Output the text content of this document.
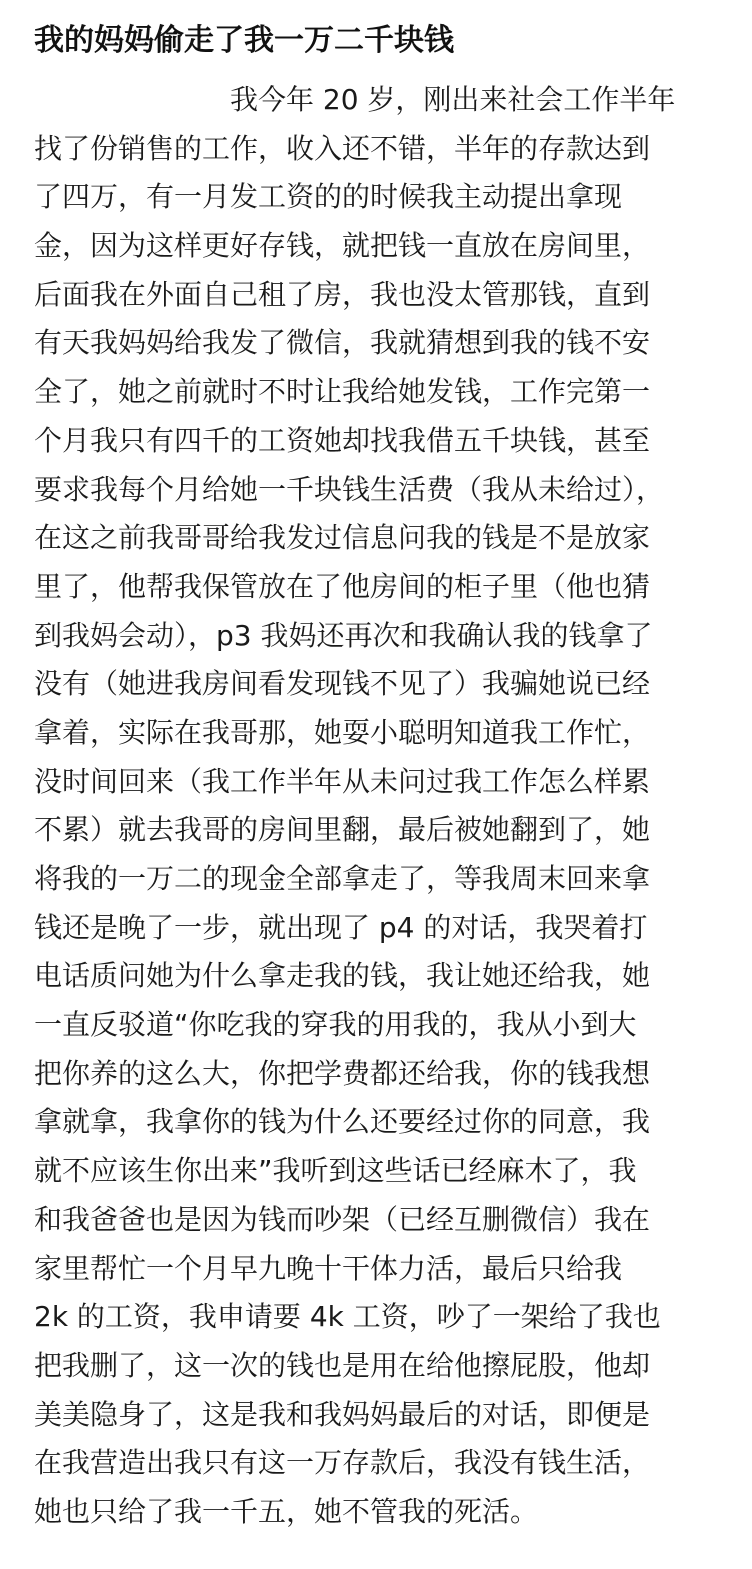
我的妈妈偷走了我一万二千块钱
我今年 20 岁，刚出来社会工作半年
找了份销售的工作，收入还不错，半年的存款达到
了四万，有一月发工资的的时候我主动提出拿现
金，因为这样更好存钱，就把钱一直放在房间里，
后面我在外面自己租了房，我也没太管那钱，直到
有天我妈妈给我发了微信，我就猜想到我的钱不安
全了，她之前就时不时让我给她发钱，工作完第一
个月我只有四千的工资她却找我借五千块钱，甚至
要求我每个月给她一千块钱生活费（我从未给过），
在这之前我哥哥给我发过信息问我的钱是不是放家
里了，他帮我保管放在了他房间的柜子里（他也猜
到我妈会动），p3 我妈还再次和我确认我的钱拿了
没有（她进我房间看发现钱不见了）我骗她说已经
拿着，实际在我哥那，她耍小聪明知道我工作忙，
没时间回来（我工作半年从未问过我工作怎么样累
不累）就去我哥的房间里翻，最后被她翻到了，她
将我的一万二的现金全部拿走了，等我周末回来拿
钱还是晚了一步，就出现了 p4 的对话，我哭着打
电话质问她为什么拿走我的钱，我让她还给我，她
一直反驳道“你吃我的穿我的用我的，我从小到大
把你养的这么大，你把学费都还给我，你的钱我想
拿就拿，我拿你的钱为什么还要经过你的同意，我
就不应该生你出来”我听到这些话已经麻木了，我
和我爸爸也是因为钱而吵架（已经互删微信）我在
家里帮忙一个月早九晚十干体力活，最后只给我
2k 的工资，我申请要 4k 工资，吵了一架给了我也
把我删了，这一次的钱也是用在给他擦屁股，他却
美美隐身了，这是我和我妈妈最后的对话，即便是
在我营造出我只有这一万存款后，我没有钱生活，
她也只给了我一千五，她不管我的死活。
